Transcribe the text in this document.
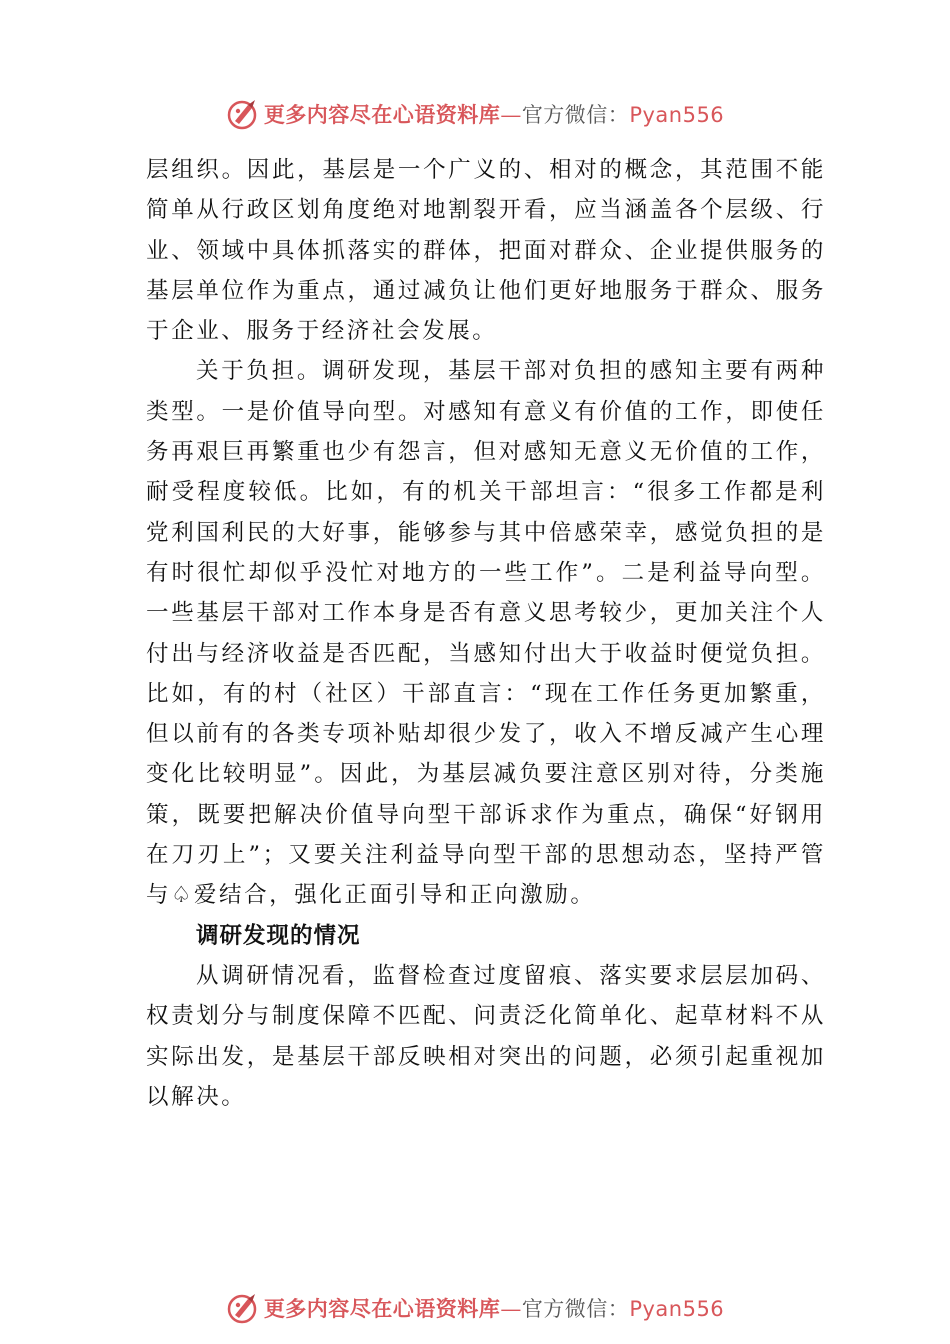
更多内容尽在心语资料库—官方微信：Pyan556

层组织。因此，基层是一个广义的、相对的概念，其范围不能简单从行政区划角度绝对地割裂开看，应当涵盖各个层级、行业、领域中具体抓落实的群体，把面对群众、企业提供服务的基层单位作为重点，通过减负让他们更好地服务于群众、服务于企业、服务于经济社会发展。

关于负担。调研发现，基层干部对负担的感知主要有两种类型。一是价值导向型。对感知有意义有价值的工作，即使任务再艰巨再繁重也少有怨言，但对感知无意义无价值的工作，耐受程度较低。比如，有的机关干部坦言：“很多工作都是利党利国利民的大好事，能够参与其中倍感荣幸，感觉负担的是有时很忙却似乎没忙对地方的一些工作”。二是利益导向型。一些基层干部对工作本身是否有意义思考较少，更加关注个人付出与经济收益是否匹配，当感知付出大于收益时便觉负担。比如，有的村（社区）干部直言：“现在工作任务更加繁重，但以前有的各类专项补贴却很少发了，收入不增反减产生心理变化比较明显”。因此，为基层减负要注意区别对待，分类施策，既要把解决价值导向型干部诉求作为重点，确保“好钢用在刀刃上”；又要关注利益导向型干部的思想动态，坚持严管与♤爱结合，强化正面引导和正向激励。

调研发现的情况

从调研情况看，监督检查过度留痕、落实要求层层加码、权责划分与制度保障不匹配、问责泛化简单化、起草材料不从实际出发，是基层干部反映相对突出的问题，必须引起重视加以解决。

更多内容尽在心语资料库—官方微信：Pyan556
